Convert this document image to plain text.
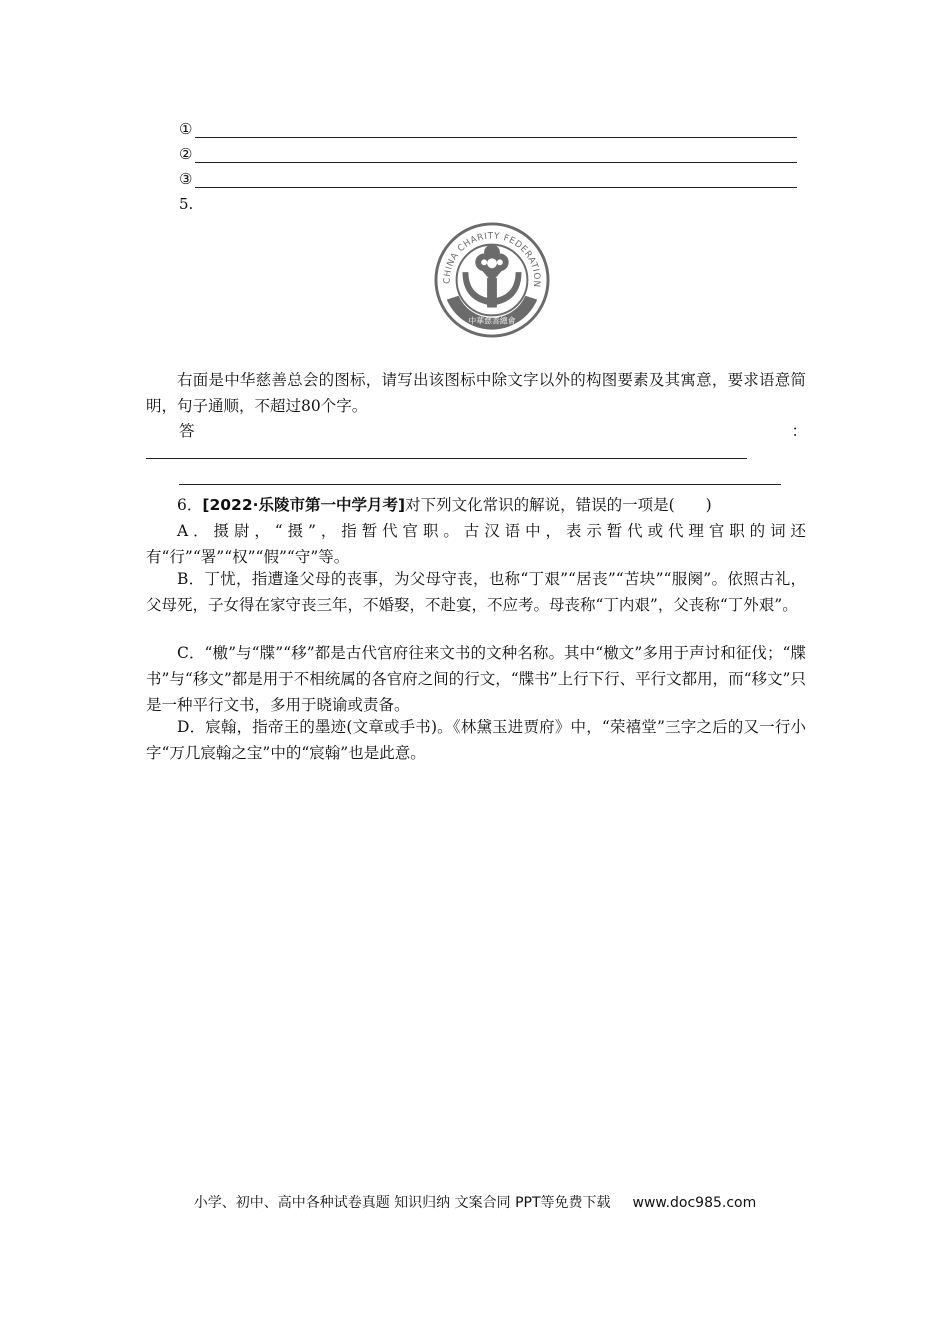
①
②
③
5.
CHINA CHARITY FEDERATION
中華慈善總會
右面是中华慈善总会的图标，请写出该图标中除文字以外的构图要素及其寓意，要求语意简明，句子通顺，不超过80个字。
答	：
6．[2022·乐陵市第一中学月考]对下列文化常识的解说，错误的一项是(　　)
A．摄尉，“摄”，指暂代官职。古汉语中，表示暂代或代理官职的词还有“行”“署”“权”“假”“守”等。
B．丁忧，指遭逢父母的丧事，为父母守丧，也称“丁艰”“居丧”“苫块”“服阕”。依照古礼，父母死，子女得在家守丧三年，不婚娶，不赴宴，不应考。母丧称“丁内艰”，父丧称“丁外艰”。
C．“檄”与“牒”“移”都是古代官府往来文书的文种名称。其中“檄文”多用于声讨和征伐；“牒书”与“移文”都是用于不相统属的各官府之间的行文，“牒书”上行下行、平行文都用，而“移文”只是一种平行文书，多用于晓谕或责备。
D．宸翰，指帝王的墨迹(文章或手书)。《林黛玉进贾府》中，“荣禧堂”三字之后的又一行小字“万几宸翰之宝”中的“宸翰”也是此意。
小学、初中、高中各种试卷真题 知识归纳 文案合同 PPT等免费下载 www.doc985.com
